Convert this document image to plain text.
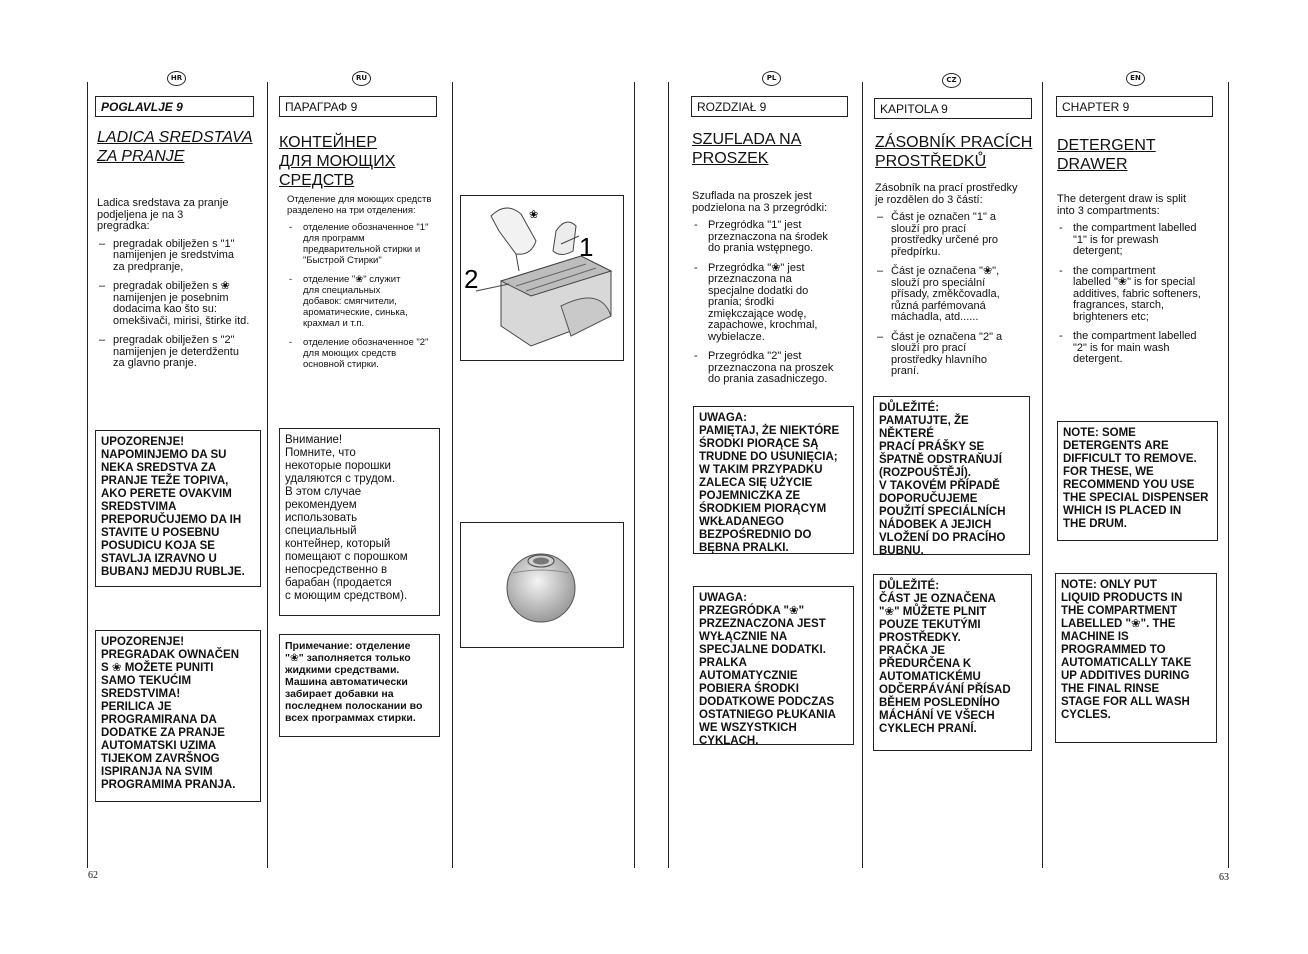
❀
1
2
62	63
HR
POGLAVLJE 9
LADICA SREDSTAVA
ZA PRANJE

Ladica sredstava za pranje
podjeljena je na 3
pregradka:

– pregradak obilježen s "1"
namijenjen je sredstvima
za predpranje,
– pregradak obilježen s ❀
namijenjen je posebnim
dodacima kao što su:
omekšivači, mirisi, štirke itd.
– pregradak obilježen s "2"
namijenjen je deterdžentu
za glavno pranje.
UPOZORENJE!
NAPOMINJEMO DA SU
NEKA SREDSTVA ZA
PRANJE TEŽE TOPIVA,
AKO PERETE OVAKVIM
SREDSTVIMA
PREPORUČUJEMO DA IH
STAVITE U POSEBNU
POSUDICU KOJA SE
STAVLJA IZRAVNO U
BUBANJ MEDJU RUBLJE.
UPOZORENJE!
PREGRADAK OWNAČEN
S ❀ MOŽETE PUNITI
SAMO TEKUĆIM
SREDSTVIMA!
PERILICA JE
PROGRAMIRANA DA
DODATKE ZA PRANJE
AUTOMATSKI UZIMA
TIJEKOM ZAVRŠNOG
ISPIRANJA NA SVIM
PROGRAMIMA PRANJA.
RU
ПАРАГРАФ 9
КОНТЕЙНЕР
ДЛЯ МОЮЩИХ
СРЕДСТВ

Отделение для моющих средств
разделено на три отделения:

- отделение обозначенное "1"
для программ
предварительной стирки и
"Быстрой Стирки"
- отделение "❀" служит
для специальных
добавок: смягчители,
ароматические, синька,
крахмал и т.п.
- отделение обозначенное "2"
для моющих средств
основной стирки.
Внимание!
Помните, что
некоторые порошки
удаляются с трудом.
В этом случае
рекомендуем
использовать
специальный
контейнер, который
помещают с порошком
непосредственно в
барабан (продается
с моющим средством).
Примечание: отделение
"❀" заполняется только
жидкими средствами.
Машина автоматически
забирает добавки на
последнем полоскании во
всех программах стирки.
PL
ROZDZIAŁ 9
SZUFLADA NA
PROSZEK

Szuflada na proszek jest
podzielona na 3 przegródki:

- Przegródka "1" jest
przeznaczona na środek
do prania wstępnego.
- Przegródka "❀" jest
przeznaczona na
specjalne dodatki do
prania; środki
zmiękczające wodę,
zapachowe, krochmal,
wybielacze.
- Przegródka "2" jest
przeznaczona na proszek
do prania zasadniczego.
UWAGA:
PAMIĘTAJ, ŻE NIEKTÓRE
ŚRODKI PIORĄCE SĄ
TRUDNE DO USUNIĘCIA;
W TAKIM PRZYPADKU
ZALECA SIĘ UŻYCIE
POJEMNICZKA ZE
ŚRODKIEM PIORĄCYM
WKŁADANEGO
BEZPOŚREDNIO DO
BĘBNA PRALKI.
UWAGA:
PRZEGRÓDKA "❀"
PRZEZNACZONA JEST
WYŁĄCZNIE NA
SPECJALNE DODATKI.
PRALKA
AUTOMATYCZNIE
POBIERA ŚRODKI
DODATKOWE PODCZAS
OSTATNIEGO PŁUKANIA
WE WSZYSTKICH
CYKLACH.
CZ
KAPITOLA 9
ZÁSOBNÍK PRACÍCH
PROSTŘEDKŮ

Zásobník na prací prostředky
je rozdělen do 3 částí:

– Část je označen "1" a
slouží pro prací
prostředky určené pro
předpírku.
– Část je označena "❀",
slouží pro speciální
přísady, změkčovadla,
různá parfémovaná
máchadla, atd......
– Část je označena "2" a
slouží pro prací
prostředky hlavního
praní.
DŮLEŽITÉ:
PAMATUJTE, ŽE NĚKTERÉ
PRACÍ PRÁŠKY SE
ŠPATNĚ ODSTRAŇUJÍ
(ROZPOUŠTĚJÍ).
V TAKOVÉM PŘÍPADĚ
DOPORUČUJEME
POUŽITÍ SPECIÁLNÍCH
NÁDOBEK A JEJICH
VLOŽENÍ DO PRACÍHO
BUBNU.
DŮLEŽITÉ:
ČÁST JE OZNAČENA
"❀" MŮŽETE PLNIT
POUZE TEKUTÝMI
PROSTŘEDKY.
PRAČKA JE
PŘEDURČENA K
AUTOMATICKÉMU
ODČERPÁVÁNÍ PŘÍSAD
BĚHEM POSLEDNÍHO
MÁCHÁNÍ VE VŠECH
CYKLECH PRANÍ.
EN
CHAPTER 9
DETERGENT
DRAWER

The detergent draw is split
into 3 compartments:

- the compartment labelled
"1" is for prewash
detergent;
- the compartment
labelled "❀" is for special
additives, fabric softeners,
fragrances, starch,
brighteners etc;
- the compartment labelled
"2" is for main wash
detergent.
NOTE: SOME
DETERGENTS ARE
DIFFICULT TO REMOVE.
FOR THESE, WE
RECOMMEND YOU USE
THE SPECIAL DISPENSER
WHICH IS PLACED IN
THE DRUM.
NOTE: ONLY PUT
LIQUID PRODUCTS IN
THE COMPARTMENT
LABELLED "❀". THE
MACHINE IS
PROGRAMMED TO
AUTOMATICALLY TAKE
UP ADDITIVES DURING
THE FINAL RINSE
STAGE FOR ALL WASH
CYCLES.
